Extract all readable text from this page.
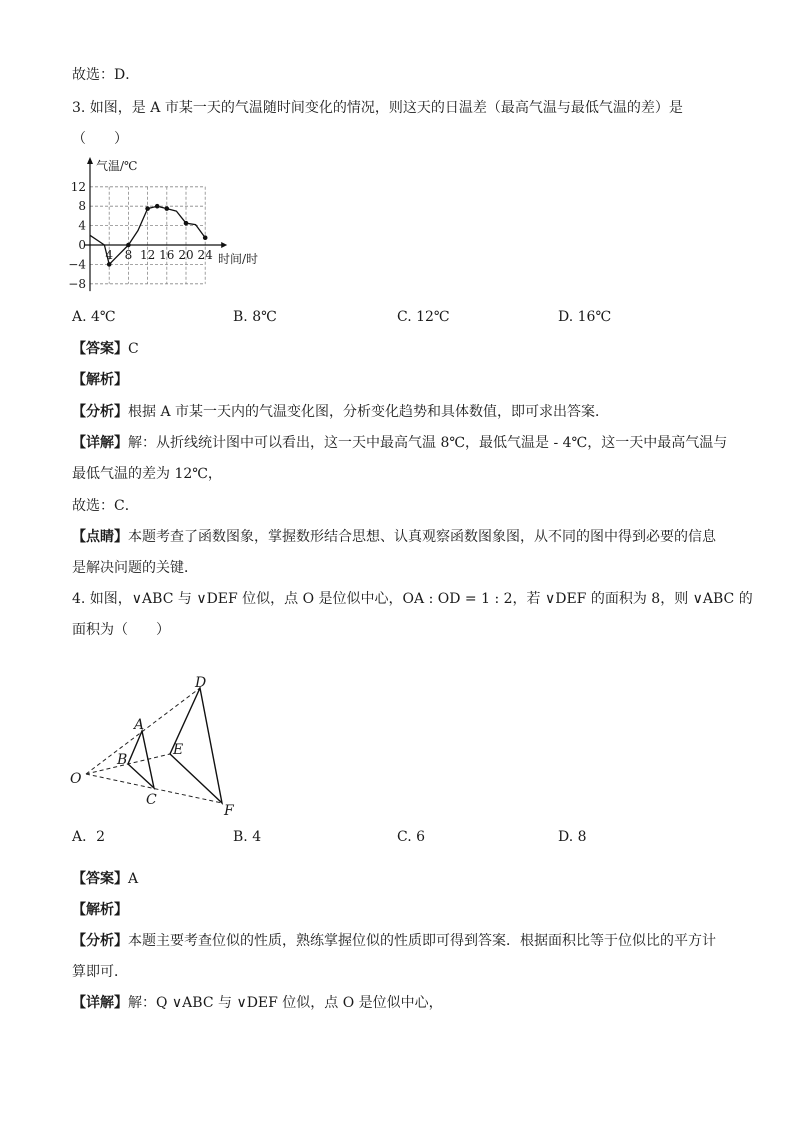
故选：D．
3. 如图，是 A 市某一天的气温随时间变化的情况，则这天的日温差（最高气温与最低气温的差）是
（　　）
12
8
4
0
−4
−8
4 8 12 16 20 24
气温/℃
时间/时
A. 4℃	B. 8℃	C. 12℃	D. 16℃
【答案】C
【解析】
【分析】根据 A 市某一天内的气温变化图，分析变化趋势和具体数值，即可求出答案．
【详解】解：从折线统计图中可以看出，这一天中最高气温 8℃，最低气温是 - 4℃，这一天中最高气温与
最低气温的差为 12℃，
故选：C．
【点睛】本题考查了函数图象，掌握数形结合思想、认真观察函数图象图，从不同的图中得到必要的信息
是解决问题的关键．
4. 如图，∨ABC 与 ∨DEF 位似，点 O 是位似中心，OA : OD = 1 : 2，若 ∨DEF 的面积为 8，则 ∨ABC 的
面积为（　　）
O
A
B
C
D
E
F
A．2	B. 4	C. 6	D. 8
【答案】A
【解析】
【分析】本题主要考查位似的性质，熟练掌握位似的性质即可得到答案．根据面积比等于位似比的平方计
算即可．
【详解】解：Q ∨ABC 与 ∨DEF 位似，点 O 是位似中心，
